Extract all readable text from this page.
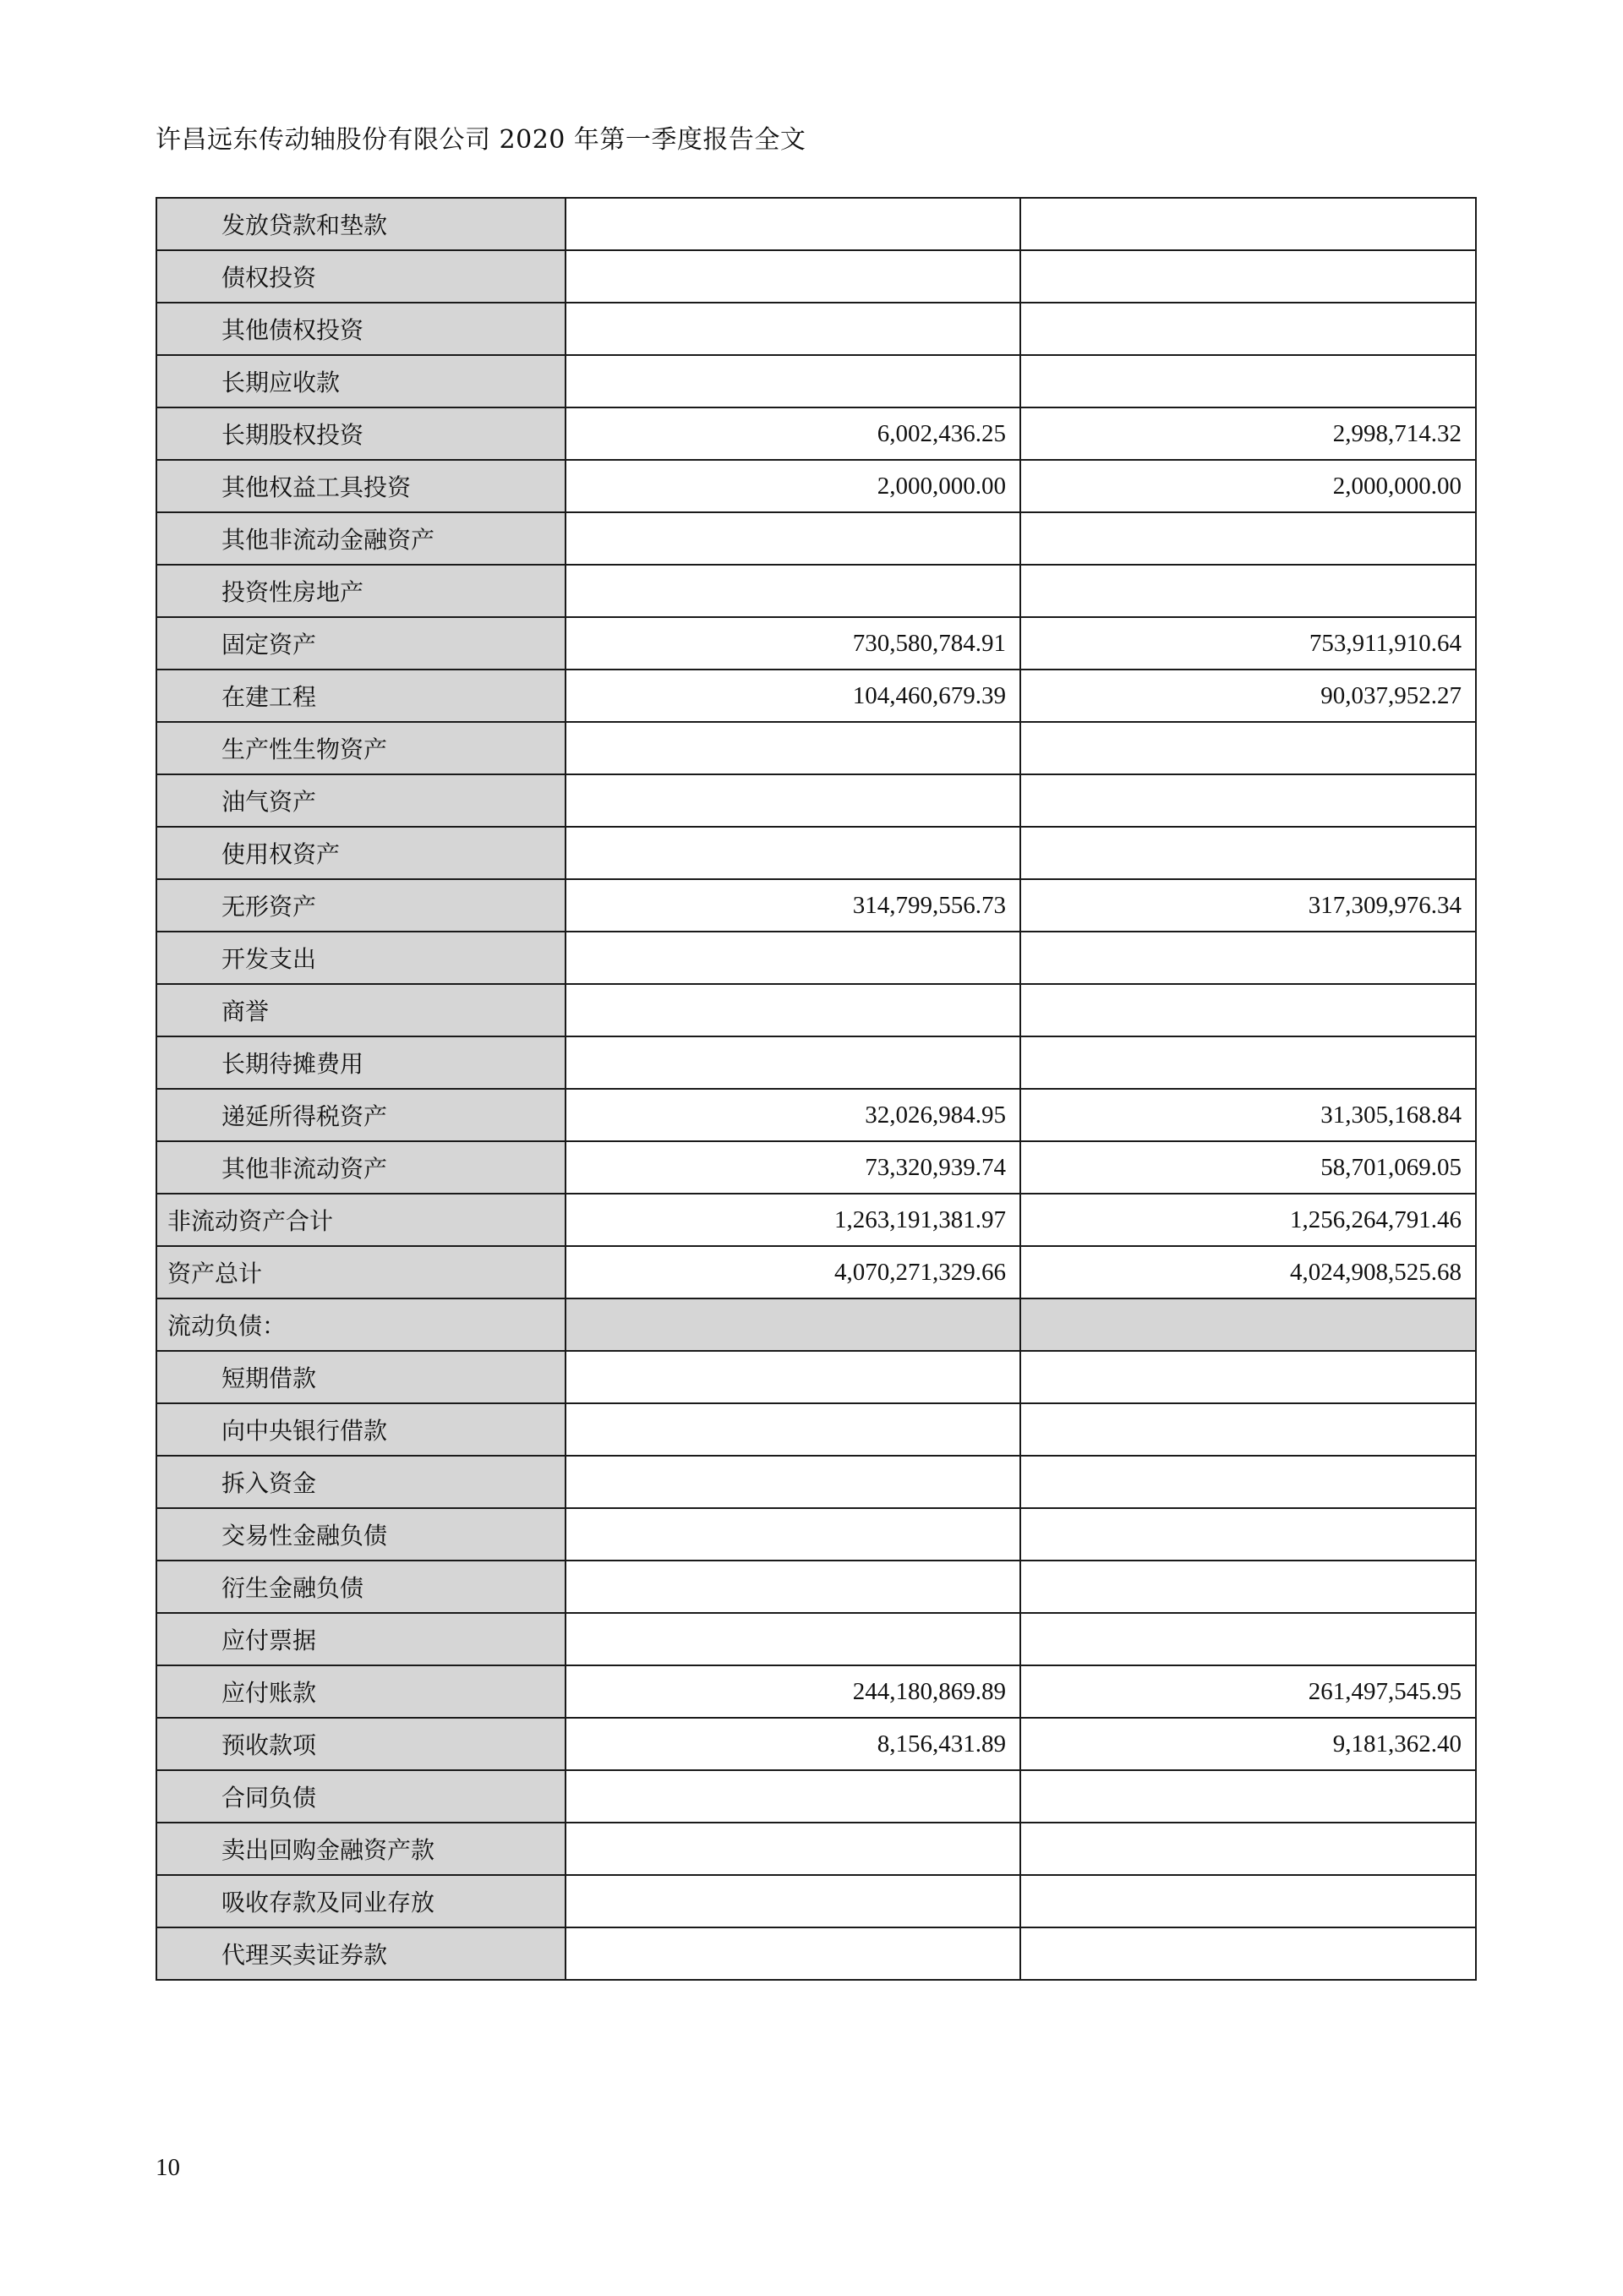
许昌远东传动轴股份有限公司 2020 年第一季度报告全文
发放贷款和垫款		
债权投资		
其他债权投资		
长期应收款		
长期股权投资	6,002,436.25	2,998,714.32
其他权益工具投资	2,000,000.00	2,000,000.00
其他非流动金融资产		
投资性房地产		
固定资产	730,580,784.91	753,911,910.64
在建工程	104,460,679.39	90,037,952.27
生产性生物资产		
油气资产		
使用权资产		
无形资产	314,799,556.73	317,309,976.34
开发支出		
商誉		
长期待摊费用		
递延所得税资产	32,026,984.95	31,305,168.84
其他非流动资产	73,320,939.74	58,701,069.05
非流动资产合计	1,263,191,381.97	1,256,264,791.46
资产总计	4,070,271,329.66	4,024,908,525.68
流动负债：		
短期借款		
向中央银行借款		
拆入资金		
交易性金融负债		
衍生金融负债		
应付票据		
应付账款	244,180,869.89	261,497,545.95
预收款项	8,156,431.89	9,181,362.40
合同负债		
卖出回购金融资产款		
吸收存款及同业存放		
代理买卖证券款		
10
